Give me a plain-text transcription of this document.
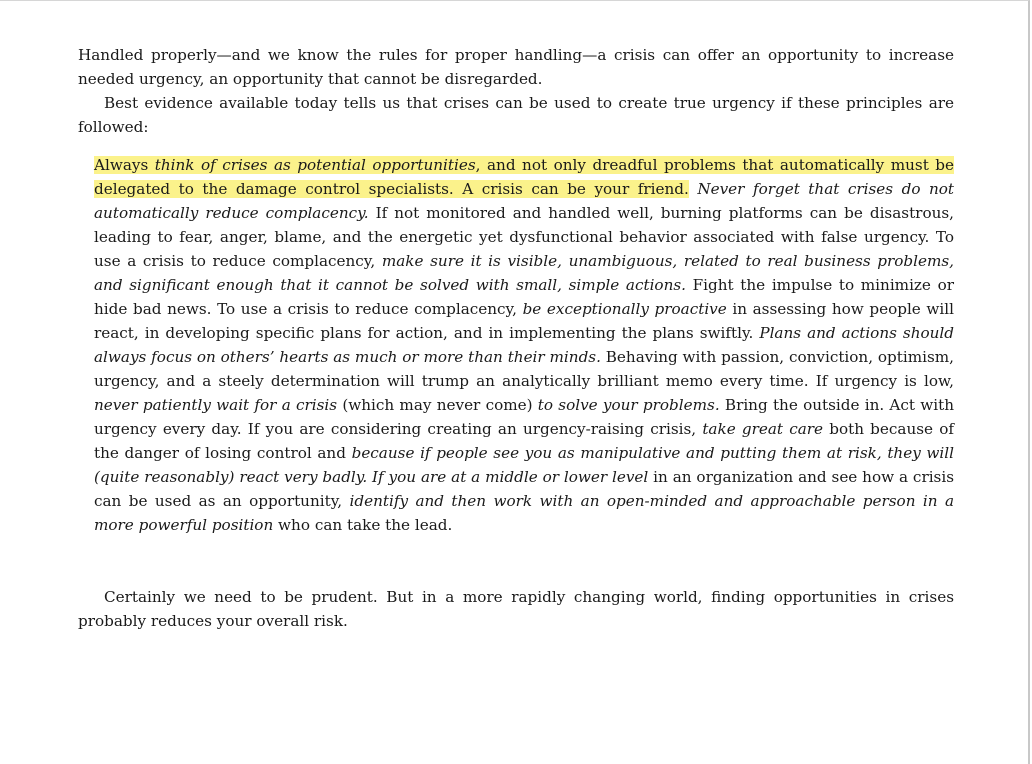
Handled properly—and we know the rules for proper handling—a crisis can offer an opportunity to increase needed urgency, an opportunity that cannot be disregarded.

Best evidence available today tells us that crises can be used to create true urgency if these principles are followed:

Always think of crises as potential opportunities, and not only dreadful problems that automatically must be delegated to the damage control specialists. A crisis can be your friend. Never forget that crises do not automatically reduce complacency. If not monitored and handled well, burning platforms can be disastrous, leading to fear, anger, blame, and the energetic yet dysfunctional behavior associated with false urgency. To use a crisis to reduce complacency, make sure it is visible, unambiguous, related to real business problems, and significant enough that it cannot be solved with small, simple actions. Fight the impulse to minimize or hide bad news. To use a crisis to reduce complacency, be exceptionally proactive in assessing how people will react, in developing specific plans for action, and in implementing the plans swiftly. Plans and actions should always focus on others’ hearts as much or more than their minds. Behaving with passion, conviction, optimism, urgency, and a steely determination will trump an analytically brilliant memo every time. If urgency is low, never patiently wait for a crisis (which may never come) to solve your problems. Bring the outside in. Act with urgency every day. If you are considering creating an urgency-raising crisis, take great care both because of the danger of losing control and because if people see you as manipulative and putting them at risk, they will (quite reasonably) react very badly. If you are at a middle or lower level in an organization and see how a crisis can be used as an opportunity, identify and then work with an open-minded and approachable person in a more powerful position who can take the lead.

Certainly we need to be prudent. But in a more rapidly changing world, finding opportunities in crises probably reduces your overall risk.
